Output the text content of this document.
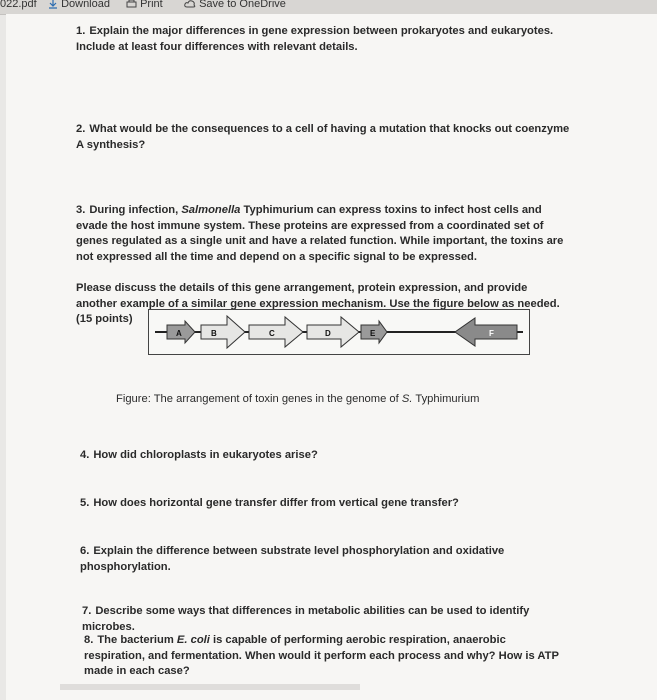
022.pdf	Download	Print	Save to OneDrive
1. Explain the major differences in gene expression between prokaryotes and eukaryotes. Include at least four differences with relevant details.
2. What would be the consequences to a cell of having a mutation that knocks out coenzyme A synthesis?
3. During infection, Salmonella Typhimurium can express toxins to infect host cells and evade the host immune system. These proteins are expressed from a coordinated set of genes regulated as a single unit and have a related function. While important, the toxins are not expressed all the time and depend on a specific signal to be expressed.
Please discuss the details of this gene arrangement, protein expression, and provide another example of a similar gene expression mechanism. Use the figure below as needed. (15 points)
A	B	C	D	E	F
Figure: The arrangement of toxin genes in the genome of S. Typhimurium
4. How did chloroplasts in eukaryotes arise?
5. How does horizontal gene transfer differ from vertical gene transfer?
6. Explain the difference between substrate level phosphorylation and oxidative phosphorylation.
7. Describe some ways that differences in metabolic abilities can be used to identify microbes.
8. The bacterium E. coli is capable of performing aerobic respiration, anaerobic respiration, and fermentation. When would it perform each process and why? How is ATP made in each case?
